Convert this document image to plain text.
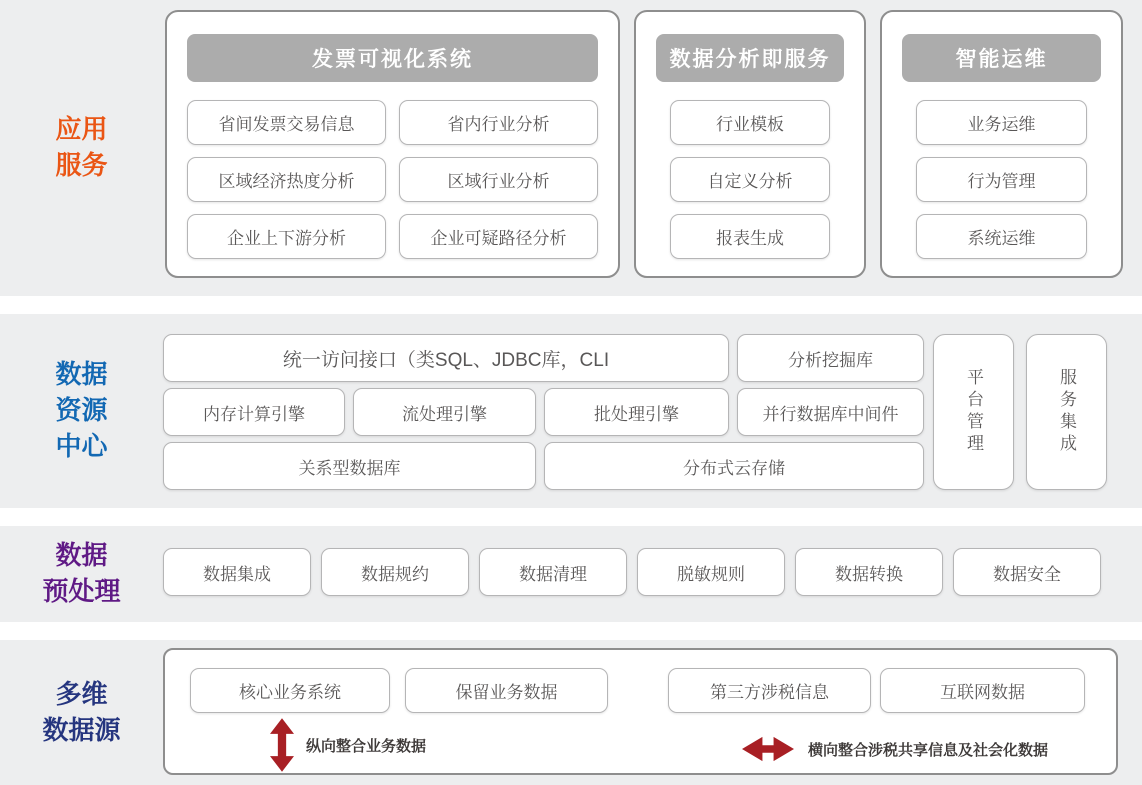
应用
服务
发票可视化系统
省间发票交易信息	省内行业分析
区域经济热度分析	区域行业分析
企业上下游分析	企业可疑路径分析
数据分析即服务
行业模板
自定义分析
报表生成
智能运维
业务运维
行为管理
系统运维
数据
资源
中心
统一访问接口（类SQL、JDBC库，CLI	分析挖掘库
内存计算引擎	流处理引擎	批处理引擎	并行数据库中间件
关系型数据库	分布式云存储
平台管理	服务集成
数据
预处理
数据集成	数据规约	数据清理	脱敏规则	数据转换	数据安全
多维
数据源
核心业务系统	保留业务数据	第三方涉税信息	互联网数据
纵向整合业务数据	横向整合涉税共享信息及社会化数据
